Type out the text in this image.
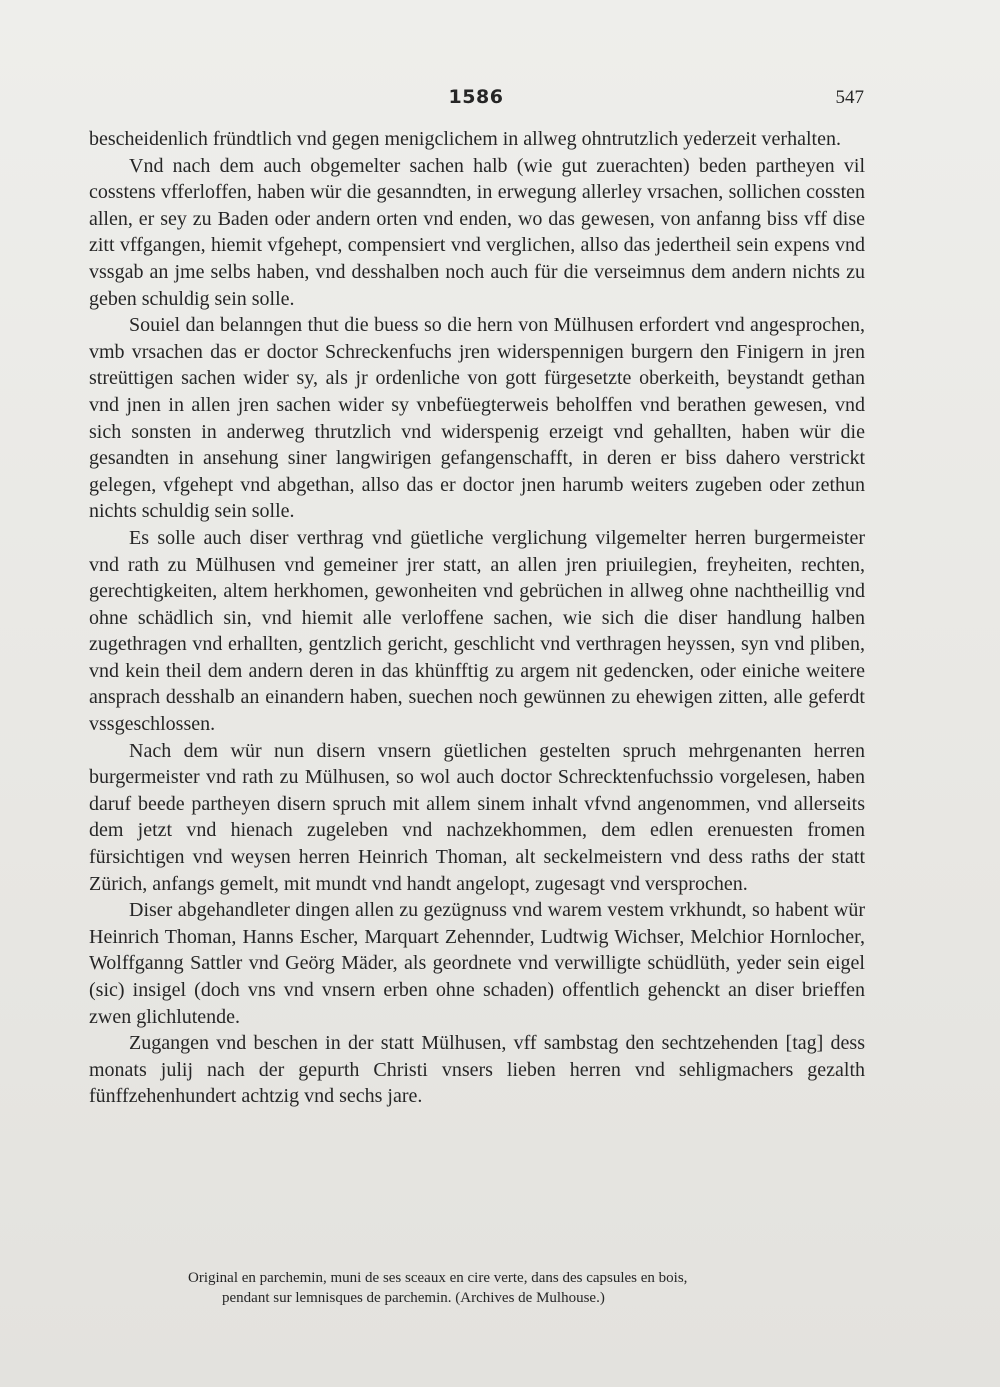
1586	547

bescheidenlich fründtlich vnd gegen menigclichem in allweg ohntrutzlich yederzeit verhalten.

Vnd nach dem auch obgemelter sachen halb (wie gut zuerachten) beden partheyen vil cosstens vfferloffen, haben wür die gesanndten, in erwegung allerley vrsachen, sollichen cossten allen, er sey zu Baden oder andern orten vnd enden, wo das gewesen, von anfanng biss vff dise zitt vffgangen, hiemit vfgehept, compensiert vnd verglichen, allso das jedertheil sein expens vnd vssgab an jme selbs haben, vnd desshalben noch auch für die verseimnus dem andern nichts zu geben schuldig sein solle.

Souiel dan belanngen thut die buess so die hern von Mülhusen erfordert vnd angesprochen, vmb vrsachen das er doctor Schreckenfuchs jren widerspennigen burgern den Finigern in jren streüttigen sachen wider sy, als jr ordenliche von gott fürgesetzte oberkeith, beystandt gethan vnd jnen in allen jren sachen wider sy vnbefüegterweis beholffen vnd berathen gewesen, vnd sich sonsten in anderweg thrutzlich vnd widerspenig erzeigt vnd gehallten, haben wür die gesandten in ansehung siner langwirigen gefangenschafft, in deren er biss dahero verstrickt gelegen, vfgehept vnd abgethan, allso das er doctor jnen harumb weiters zugeben oder zethun nichts schuldig sein solle.

Es solle auch diser verthrag vnd güetliche verglichung vilgemelter herren burgermeister vnd rath zu Mülhusen vnd gemeiner jrer statt, an allen jren priuilegien, freyheiten, rechten, gerechtigkeiten, altem herkhomen, gewonheiten vnd gebrüchen in allweg ohne nachtheillig vnd ohne schädlich sin, vnd hiemit alle verloffene sachen, wie sich die diser handlung halben zugethragen vnd erhallten, gentzlich gericht, geschlicht vnd verthragen heyssen, syn vnd pliben, vnd kein theil dem andern deren in das khünfftig zu argem nit gedencken, oder einiche weitere ansprach desshalb an einandern haben, suechen noch gewünnen zu ehewigen zitten, alle geferdt vssgeschlossen.

Nach dem wür nun disern vnsern güetlichen gestelten spruch mehrgenanten herren burgermeister vnd rath zu Mülhusen, so wol auch doctor Schrecktenfuchssio vorgelesen, haben daruf beede partheyen disern spruch mit allem sinem inhalt vfvnd angenommen, vnd allerseits dem jetzt vnd hienach zugeleben vnd nachzekhommen, dem edlen erenuesten fromen fürsichtigen vnd weysen herren Heinrich Thoman, alt seckelmeistern vnd dess raths der statt Zürich, anfangs gemelt, mit mundt vnd handt angelopt, zugesagt vnd versprochen.

Diser abgehandleter dingen allen zu gezügnuss vnd warem vestem vrkhundt, so habent wür Heinrich Thoman, Hanns Escher, Marquart Zehennder, Ludtwig Wichser, Melchior Hornlocher, Wolffganng Sattler vnd Geörg Mäder, als geordnete vnd verwilligte schüdlüth, yeder sein eigel (sic) insigel (doch vns vnd vnsern erben ohne schaden) offentlich gehenckt an diser brieffen zwen glichlutende.

Zugangen vnd beschen in der statt Mülhusen, vff sambstag den sechtzehenden [tag] dess monats julij nach der gepurth Christi vnsers lieben herren vnd sehligmachers gezalth fünffzehenhundert achtzig vnd sechs jare.

Original en parchemin, muni de ses sceaux en cire verte, dans des capsules en bois,

pendant sur lemnisques de parchemin. (Archives de Mulhouse.)
